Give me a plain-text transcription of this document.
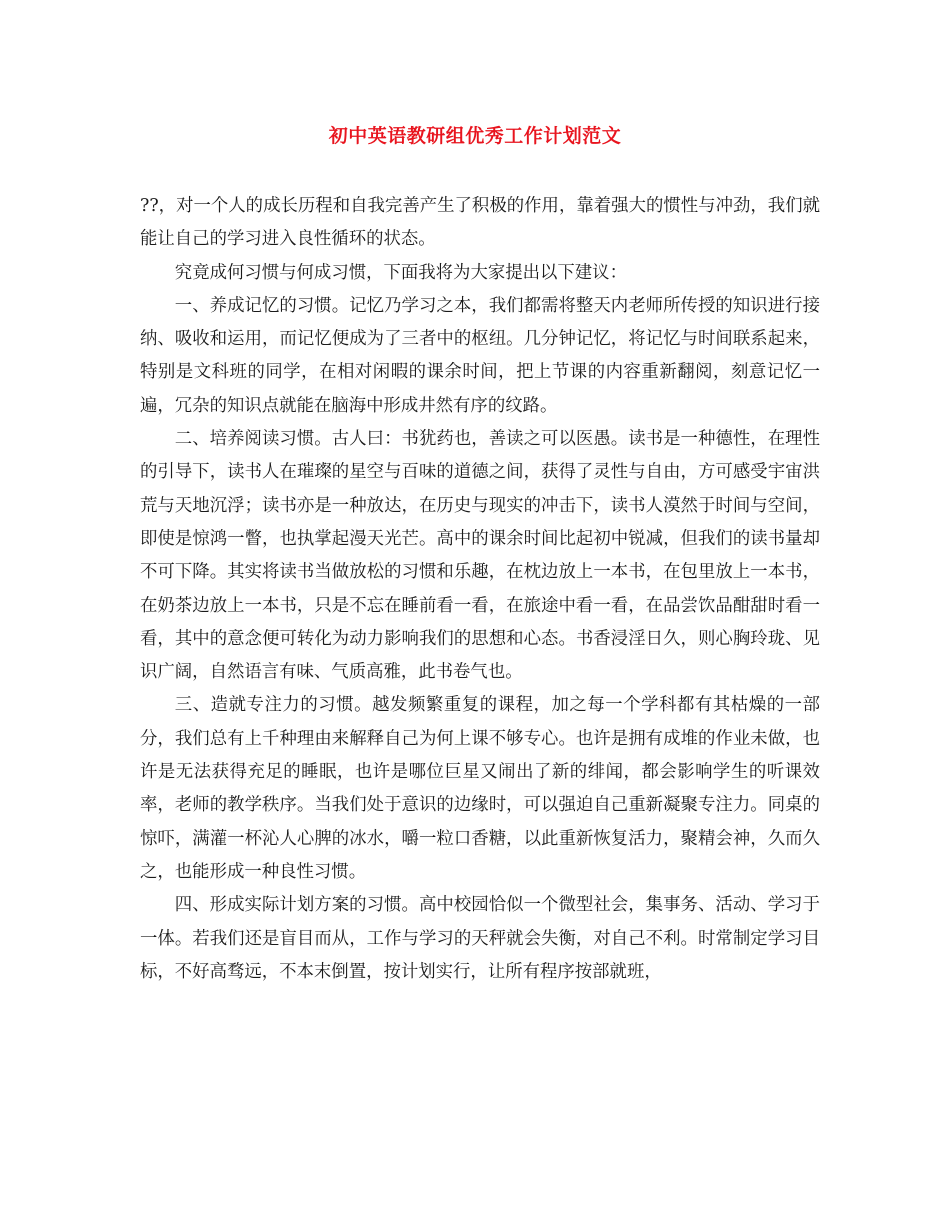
初中英语教研组优秀工作计划范文

??，对一个人的成长历程和自我完善产生了积极的作用，靠着强大的惯性与冲劲，我们就能让自己的学习进入良性循环的状态。

究竟成何习惯与何成习惯，下面我将为大家提出以下建议：

一、养成记忆的习惯。记忆乃学习之本，我们都需将整天内老师所传授的知识进行接纳、吸收和运用，而记忆便成为了三者中的枢纽。几分钟记忆，将记忆与时间联系起来，特别是文科班的同学，在相对闲暇的课余时间，把上节课的内容重新翻阅，刻意记忆一遍，冗杂的知识点就能在脑海中形成井然有序的纹路。

二、培养阅读习惯。古人曰：书犹药也，善读之可以医愚。读书是一种德性，在理性的引导下，读书人在璀璨的星空与百味的道德之间，获得了灵性与自由，方可感受宇宙洪荒与天地沉浮；读书亦是一种放达，在历史与现实的冲击下，读书人漠然于时间与空间，即使是惊鸿一瞥，也执掌起漫天光芒。高中的课余时间比起初中锐减，但我们的读书量却不可下降。其实将读书当做放松的习惯和乐趣，在枕边放上一本书，在包里放上一本书，在奶茶边放上一本书，只是不忘在睡前看一看，在旅途中看一看，在品尝饮品酣甜时看一看，其中的意念便可转化为动力影响我们的思想和心态。书香浸淫日久，则心胸玲珑、见识广阔，自然语言有味、气质高雅，此书卷气也。

三、造就专注力的习惯。越发频繁重复的课程，加之每一个学科都有其枯燥的一部分，我们总有上千种理由来解释自己为何上课不够专心。也许是拥有成堆的作业未做，也许是无法获得充足的睡眠，也许是哪位巨星又闹出了新的绯闻，都会影响学生的听课效率，老师的教学秩序。当我们处于意识的边缘时，可以强迫自己重新凝聚专注力。同桌的惊吓，满灌一杯沁人心脾的冰水，嚼一粒口香糖，以此重新恢复活力，聚精会神，久而久之，也能形成一种良性习惯。

四、形成实际计划方案的习惯。高中校园恰似一个微型社会，集事务、活动、学习于一体。若我们还是盲目而从，工作与学习的天秤就会失衡，对自己不利。时常制定学习目标，不好高骛远，不本末倒置，按计划实行，让所有程序按部就班，
